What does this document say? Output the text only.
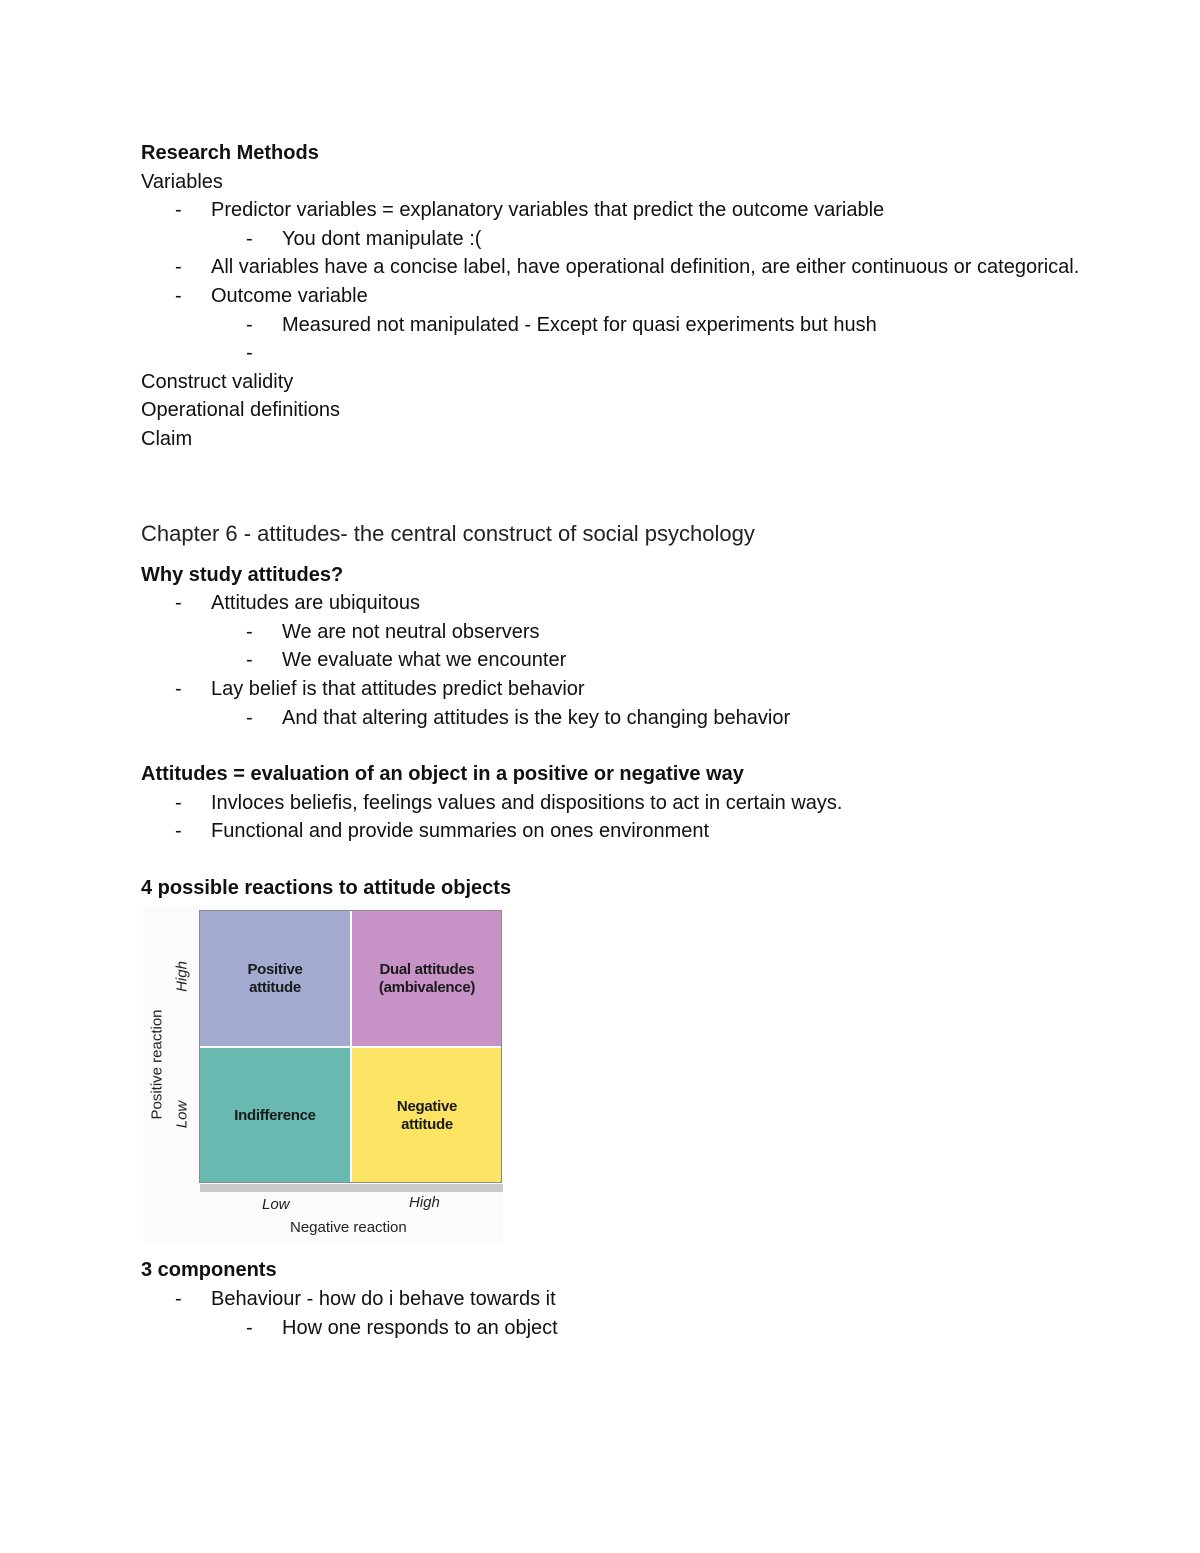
Research Methods
Variables
- Predictor variables = explanatory variables that predict the outcome variable
- You dont manipulate :(
- All variables have a concise label, have operational definition, are either continuous or categorical.
- Outcome variable
- Measured not manipulated - Except for quasi experiments but hush
-

Construct validity
Operational definitions
Claim
Chapter 6 - attitudes- the central construct of social psychology
Why study attitudes?
- Attitudes are ubiquitous
- We are not neutral observers
- We evaluate what we encounter
- Lay belief is that attitudes predict behavior
- And that altering attitudes is the key to changing behavior
Attitudes = evaluation of an object in a positive or negative way
- Invloces beliefis, feelings values and dispositions to act in certain ways.
- Functional and provide summaries on ones environment
4 possible reactions to attitude objects
Positive
attitude
Dual attitudes
(ambivalence)
Indifference
Negative
attitude
High
Low
Positive reaction
Low	High
Negative reaction
3 components
- Behaviour - how do i behave towards it
- How one responds to an object
